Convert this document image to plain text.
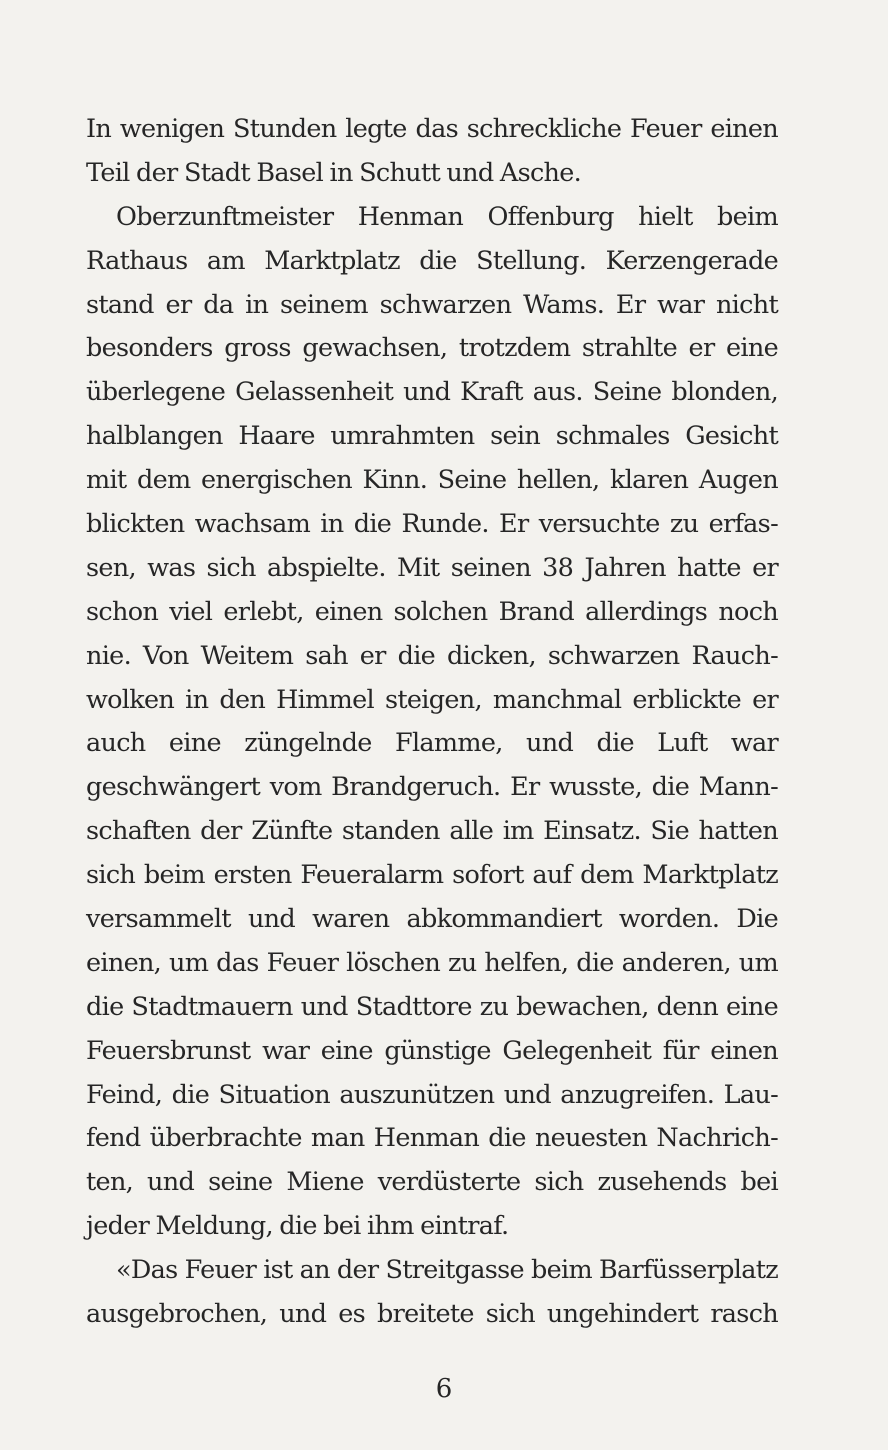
In wenigen Stunden legte das schreckliche Feuer einen
Teil der Stadt Basel in Schutt und Asche.
Oberzunftmeister Henman Offenburg hielt beim
Rathaus am Marktplatz die Stellung. Kerzengerade
stand er da in seinem schwarzen Wams. Er war nicht
besonders gross gewachsen, trotzdem strahlte er eine
überlegene Gelassenheit und Kraft aus. Seine blonden,
halblangen Haare umrahmten sein schmales Gesicht
mit dem energischen Kinn. Seine hellen, klaren Augen
blickten wachsam in die Runde. Er versuchte zu erfas-
sen, was sich abspielte. Mit seinen 38 Jahren hatte er
schon viel erlebt, einen solchen Brand allerdings noch
nie. Von Weitem sah er die dicken, schwarzen Rauch-
wolken in den Himmel steigen, manchmal erblickte er
auch eine züngelnde Flamme, und die Luft war
geschwängert vom Brandgeruch. Er wusste, die Mann-
schaften der Zünfte standen alle im Einsatz. Sie hatten
sich beim ersten Feueralarm sofort auf dem Marktplatz
versammelt und waren abkommandiert worden. Die
einen, um das Feuer löschen zu helfen, die anderen, um
die Stadtmauern und Stadttore zu bewachen, denn eine
Feuersbrunst war eine günstige Gelegenheit für einen
Feind, die Situation auszunützen und anzugreifen. Lau-
fend überbrachte man Henman die neuesten Nachrich-
ten, und seine Miene verdüsterte sich zusehends bei
jeder Meldung, die bei ihm eintraf.
«Das Feuer ist an der Streitgasse beim Barfüsserplatz
ausgebrochen, und es breitete sich ungehindert rasch
6
